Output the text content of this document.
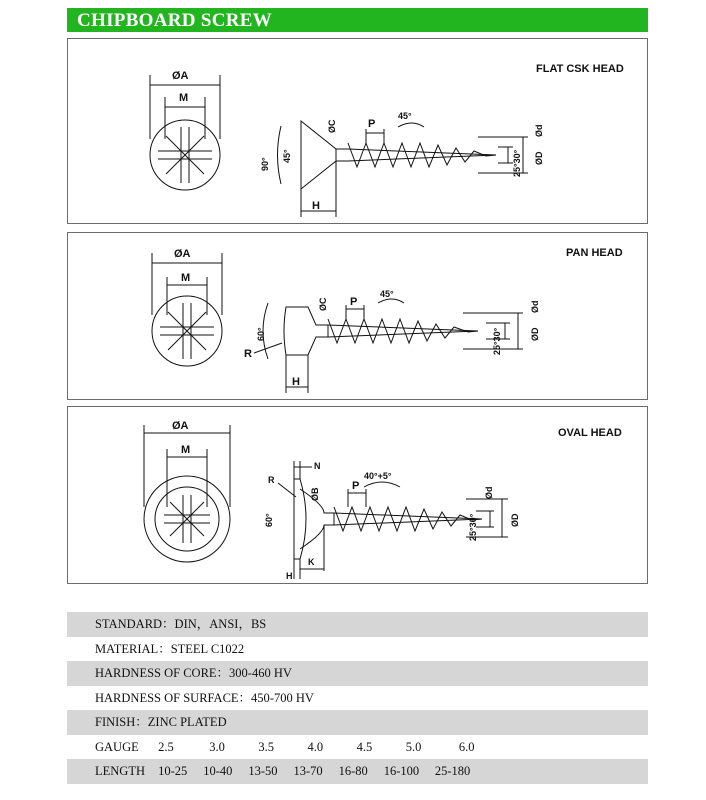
CHIPBOARD SCREW
FLAT CSK HEAD
ØA
M
ØC	P
45°
90°
45°
H
Ød
ØD
25°30°
PAN HEAD
ØA
M
ØC P
45°
60°
R
H
Ød
ØD
25°30°
OVAL HEAD
ØA
M
N
R
ØB
P
40°+5°
60°
K
H
Ød
ØD
25°30°
STANDARD：DIN，ANSI，BS
MATERIAL：STEEL C1022
HARDNESS OF CORE：300-460 HV
HARDNESS OF SURFACE：450-700 HV
FINISH：ZINC PLATED
GAUGE 2.5	3.0	3.5	4.0	4.5	5.0	6.0
LENGTH 10-25 10-40 13-50 13-70 16-80 16-100 25-180
